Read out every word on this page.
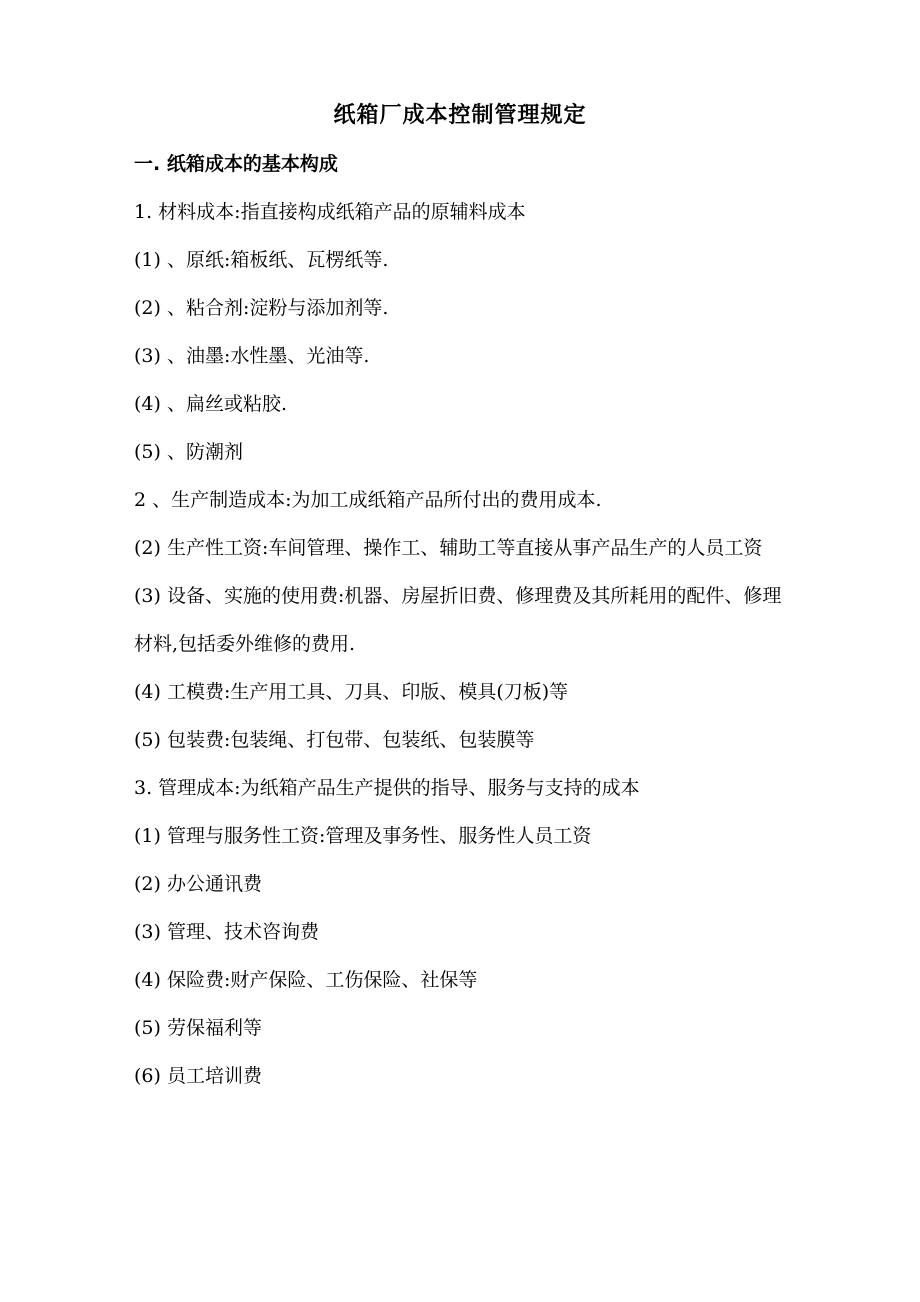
纸箱厂成本控制管理规定

一. 纸箱成本的基本构成

1. 材料成本:指直接构成纸箱产品的原辅料成本

(1) 、原纸:箱板纸、瓦楞纸等.

(2) 、粘合剂:淀粉与添加剂等.

(3) 、油墨:水性墨、光油等.

(4) 、扁丝或粘胶.

(5) 、防潮剂

2 、生产制造成本:为加工成纸箱产品所付出的费用成本.

(2) 生产性工资:车间管理、操作工、辅助工等直接从事产品生产的人员工资

(3) 设备、实施的使用费:机器、房屋折旧费、修理费及其所耗用的配件、修理材料,包括委外维修的费用.

(4) 工模费:生产用工具、刀具、印版、模具(刀板)等

(5) 包装费:包装绳、打包带、包装纸、包装膜等

3. 管理成本:为纸箱产品生产提供的指导、服务与支持的成本

(1) 管理与服务性工资:管理及事务性、服务性人员工资

(2) 办公通讯费

(3) 管理、技术咨询费

(4) 保险费:财产保险、工伤保险、社保等

(5) 劳保福利等

(6) 员工培训费
